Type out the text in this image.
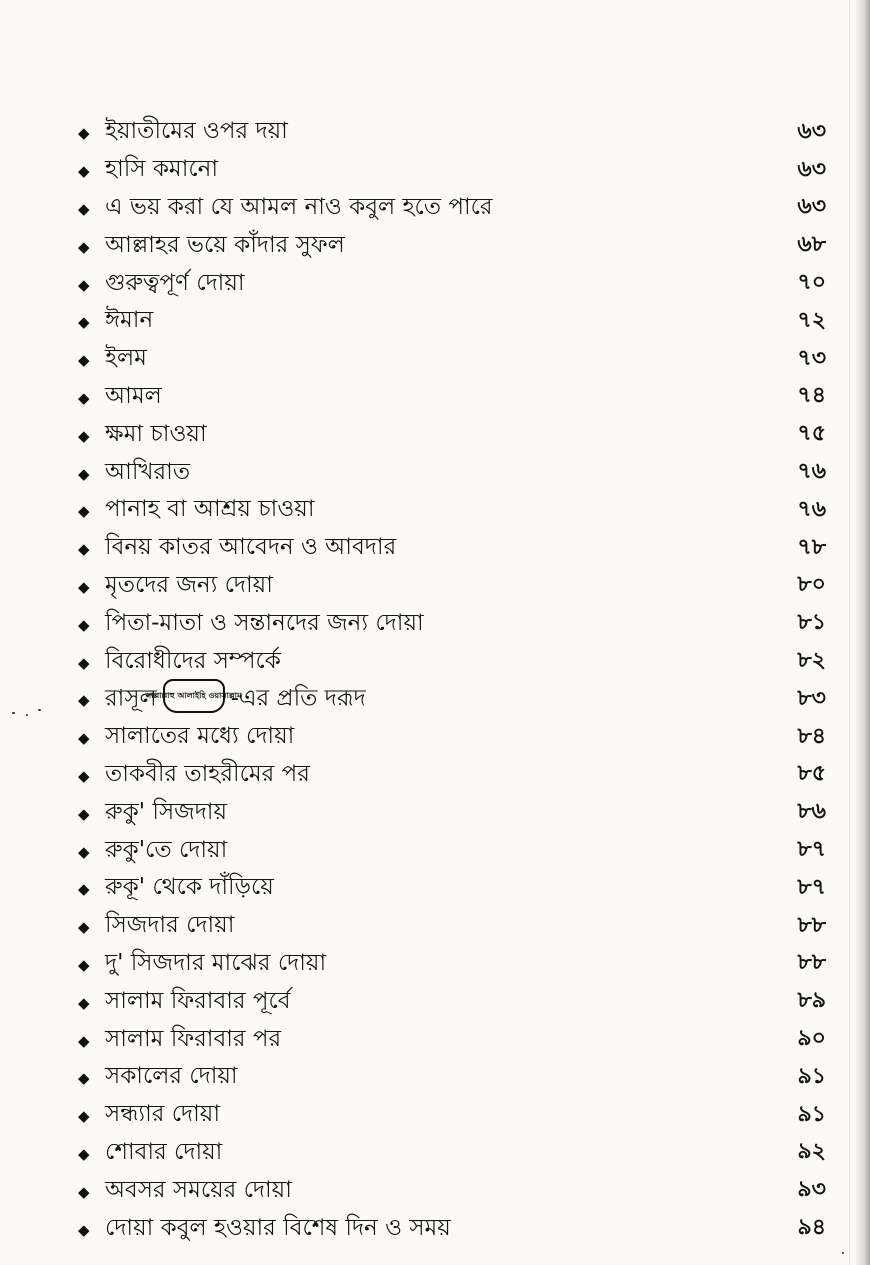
◆ ইয়াতীমের ওপর দয়া	৬৩
◆ হাসি কমানো	৬৩
◆ এ ভয় করা যে আমল নাও কবুল হতে পারে	৬৩
◆ আল্লাহর ভয়ে কাঁদার সুফল	৬৮
◆ গুরুত্বপূর্ণ দোয়া	৭০
◆ ঈমান	৭২
◆ ইলম	৭৩
◆ আমল	৭৪
◆ ক্ষমা চাওয়া	৭৫
◆ আখিরাত	৭৬
◆ পানাহ বা আশ্রয় চাওয়া	৭৬
◆ বিনয় কাতর আবেদন ও আবদার	৭৮
◆ মৃতদের জন্য দোয়া	৮০
◆ পিতা-মাতা ও সন্তানদের জন্য দোয়া	৮১
◆ বিরোধীদের সম্পর্কে	৮২
◆ রাসূলসাল্লাল্লাহু আলাইহি ওয়াসাল্লাম-এর প্রতি দরূদ	৮৩
◆ সালাতের মধ্যে দোয়া	৮৪
◆ তাকবীর তাহরীমের পর	৮৫
◆ রুকু' সিজদায়	৮৬
◆ রুকু'তে দোয়া	৮৭
◆ রুকূ' থেকে দাঁড়িয়ে	৮৭
◆ সিজদার দোয়া	৮৮
◆ দু' সিজদার মাঝের দোয়া	৮৮
◆ সালাম ফিরাবার পূর্বে	৮৯
◆ সালাম ফিরাবার পর	৯০
◆ সকালের দোয়া	৯১
◆ সন্ধ্যার দোয়া	৯১
◆ শোবার দোয়া	৯২
◆ অবসর সময়ের দোয়া	৯৩
◆ দোয়া কবুল হওয়ার বিশেষ দিন ও সময়	৯৪
